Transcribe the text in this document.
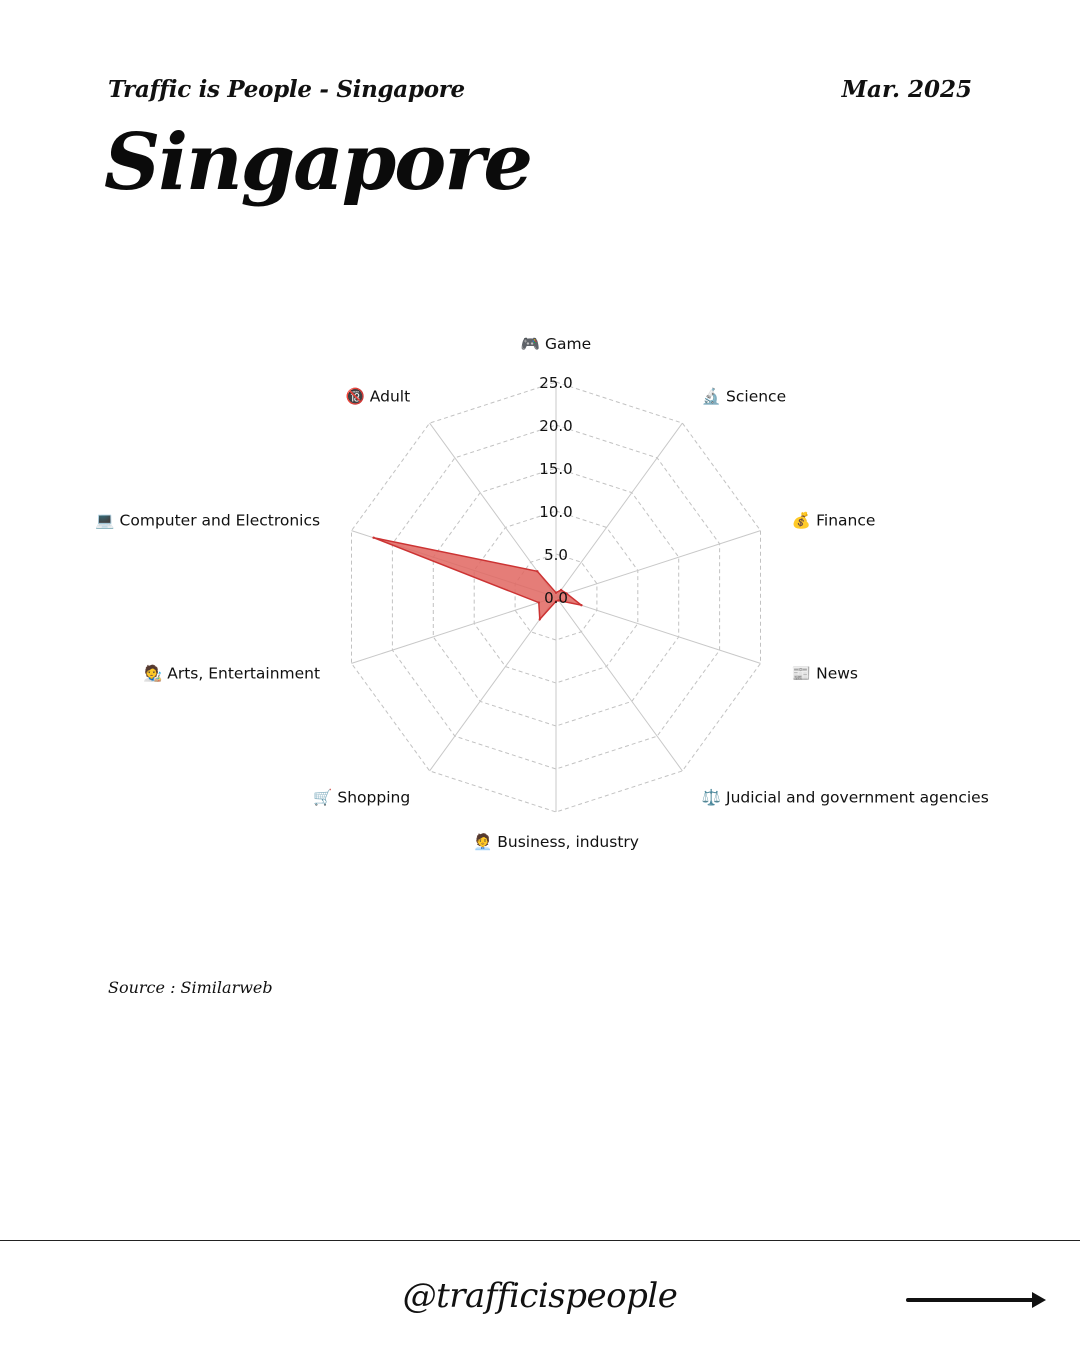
Traffic is People - Singapore	Mar. 2025
Singapore
0.0
5.0
10.0
15.0
20.0
25.0
🎮 Game
🔬 Science
💰 Finance
📰 News
⚖️ Judicial and government agencies
🧑‍💼 Business, industry
🛒 Shopping
🧑‍🎨 Arts, Entertainment
💻 Computer and Electronics
🔞 Adult
Source : Similarweb
@trafficispeople
